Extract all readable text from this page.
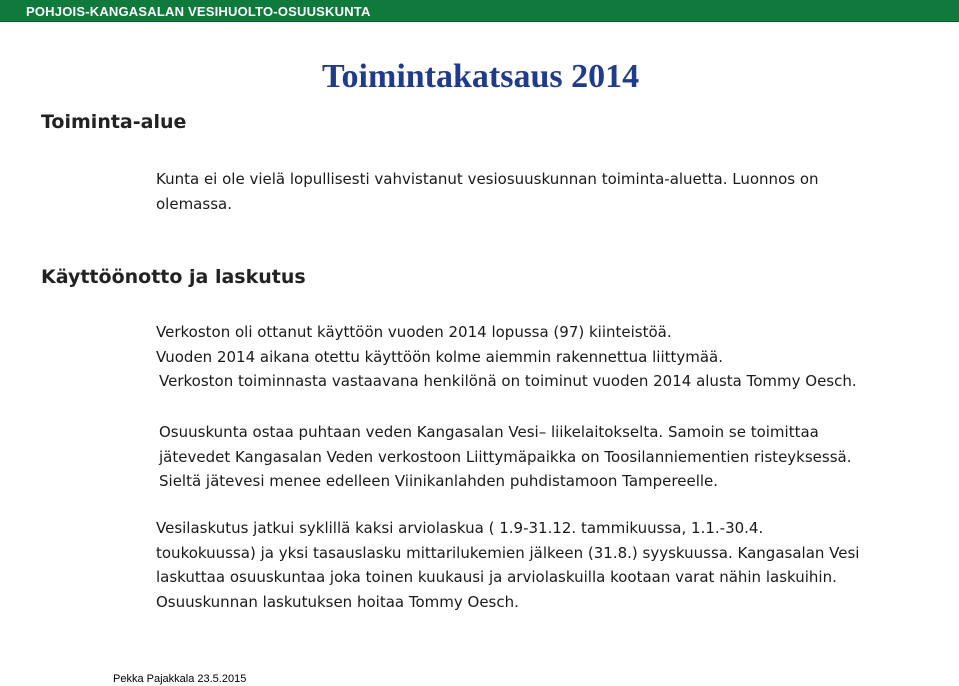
POHJOIS-KANGASALAN VESIHUOLTO-OSUUSKUNTA
Toimintakatsaus 2014
Toiminta-alue
Kunta ei ole vielä lopullisesti vahvistanut vesiosuuskunnan toiminta-aluetta. Luonnos on
olemassa.
Käyttöönotto ja laskutus
Verkoston oli ottanut käyttöön vuoden 2014 lopussa (97) kiinteistöä.
Vuoden 2014 aikana otettu käyttöön kolme aiemmin rakennettua liittymää.
Verkoston toiminnasta vastaavana henkilönä on toiminut vuoden 2014 alusta Tommy Oesch.
Osuuskunta ostaa puhtaan veden Kangasalan Vesi– liikelaitokselta. Samoin se toimittaa
jätevedet Kangasalan Veden verkostoon Liittymäpaikka on Toosilanniementien risteyksessä.
Sieltä jätevesi menee edelleen Viinikanlahden puhdistamoon Tampereelle.
Vesilaskutus jatkui syklillä kaksi arviolaskua ( 1.9-31.12. tammikuussa, 1.1.-30.4.
toukokuussa) ja yksi tasauslasku mittarilukemien jälkeen (31.8.) syyskuussa. Kangasalan Vesi
laskuttaa osuuskuntaa joka toinen kuukausi ja arviolaskuilla kootaan varat nähin laskuihin.
Osuuskunnan laskutuksen hoitaa Tommy Oesch.
Pekka Pajakkala 23.5.2015
